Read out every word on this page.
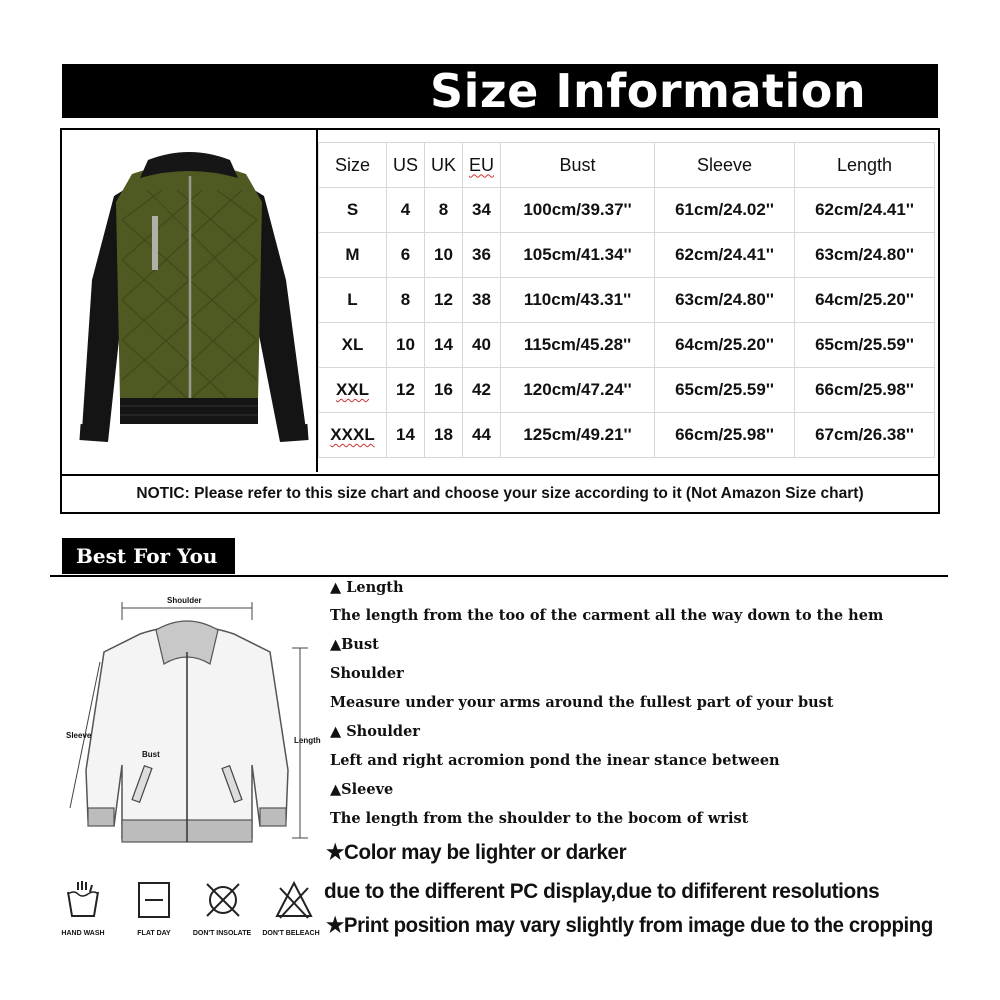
Size Information
NOTIC: Please refer to this size chart and choose your size according to it (Not Amazon Size chart)
Size	US	UK	EU	Bust	Sleeve	Length
S	4	8	34	100cm/39.37''	61cm/24.02''	62cm/24.41''
M	6	10	36	105cm/41.34''	62cm/24.41''	63cm/24.80''
L	8	12	38	110cm/43.31''	63cm/24.80''	64cm/25.20''
XL	10	14	40	115cm/45.28''	64cm/25.20''	65cm/25.59''
XXL	12	16	42	120cm/47.24''	65cm/25.59''	66cm/25.98''
XXXL	14	18	44	125cm/49.21''	66cm/25.98''	67cm/26.38''
Best For You
Shoulder
Sleeve
Bust
Length
▲ Length
The length from the too of the carment all the way down to the hem
▲Bust
Shoulder
Measure under your arms around the fullest part of your bust
▲ Shoulder
Left and right acromion pond the inear stance between
▲Sleeve
The length from the shoulder to the bocom of wrist
★Color may be lighter or darker
due to the different PC display,due to dififerent resolutions
★Print position may vary slightly from image due to the cropping
HAND WASH	FLAT DAY	DON'T INSOLATE	DON'T BELEACH
